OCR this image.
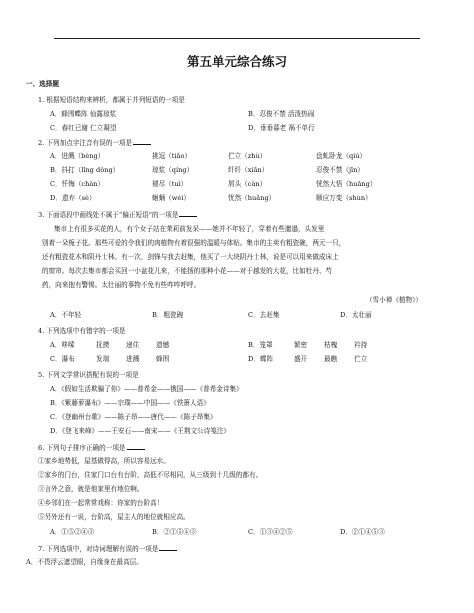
第五单元综合练习
一、选择题
1. 根据短语结构来辨析，都属于并列短语的一项是
A．蜂围蝶阵 仙露琼浆	B．忍俊不禁 活泼热闹
C．春红已谢 仁立凝望	D．垂垂暮老 祸不单行
2. 下列加点字注音有误的一项是
A．迸溅（bèng）	挑逗（tiǎo）	伫立（zhù）	盘虬卧龙（qiú）
B．抖打（lǐng dǒng）	琼浆（qíng）	纤纤（xiān）	忍俊不禁（jīn）
C．忏悔（chàn）	褪尽（tuì）	屑头（càn）	恍然大悟（huāng）
D．遗弃（sè）	蛔蛹（wéi）	忧然（huǎng）	顺应万变（shùn）
3. 下面语段中画线处不属于“偏正短语”的一项是
集市上有很多买花的人，有个女子站在茉莉前发呆——她并不年轻了，穿着有些邋遢，头发里
别着一朵栀子花。那些可爱的令我们的肉植物有着很强的温暖与体贴。集市的主卖有粗瓷碗，两元一只，
还有粗瓷花木和阴丹士林。有一次，剑锋与我去赶集，他买了一大块阴丹士林，说是可以用来做成床上
的窗帘。每次去集市都会买回一小盆花儿来，不能扬的那种小花——对于越发的大花，比如牡丹、芍
药，向来抱有警惕。太壮丽的事物不免有些咋咋呼呼。
（雪小禅《植物》）
A．不年轻	B．粗瓷碗	C．去赶集	D．太壮丽
4. 下列选项中有错字的一项是
A．哆嗦	抚摸	递住	遗憾	B．笼罩	繁密	枯槐	衿持
C．瀑布	发端	进溅	蜂围	D．蝶阵	盛开	最瞧	伫立
5. 下列文学常识搭配有误的一项是
A．《假如生活欺骗了你》——普希金——俄国——《普希金诗集》
B．《紫藤萝瀑布》——宗璞——中国——《铁箫人语》
C．《登幽州台歌》——陈子昂——唐代——《陈子昂集》
D．《登飞来峰》——王安石——南宋——《王荆文公诗笺注》
6. 下列句子排序正确的一项是
①家乡地势低，屋基做得高，所以容易远水。
②家乡的门台，住家门口台有台阶，高低不尽相同，从三级到十几级的都有。
③言外之意，就是他家里有地位啊。
④乡邻们在一起常常戏称：你家的台阶高！
⑤另外还有一说，台阶高，屋主人的地位就相应高。
A．①⑤②④③	B．②①⑤④③	C．①③④②⑤	D．②①④⑤③
7. 下列选项中，对诗词理解有误的一项是
A．不畏浮云遮望眼，自缘身在最高层。
